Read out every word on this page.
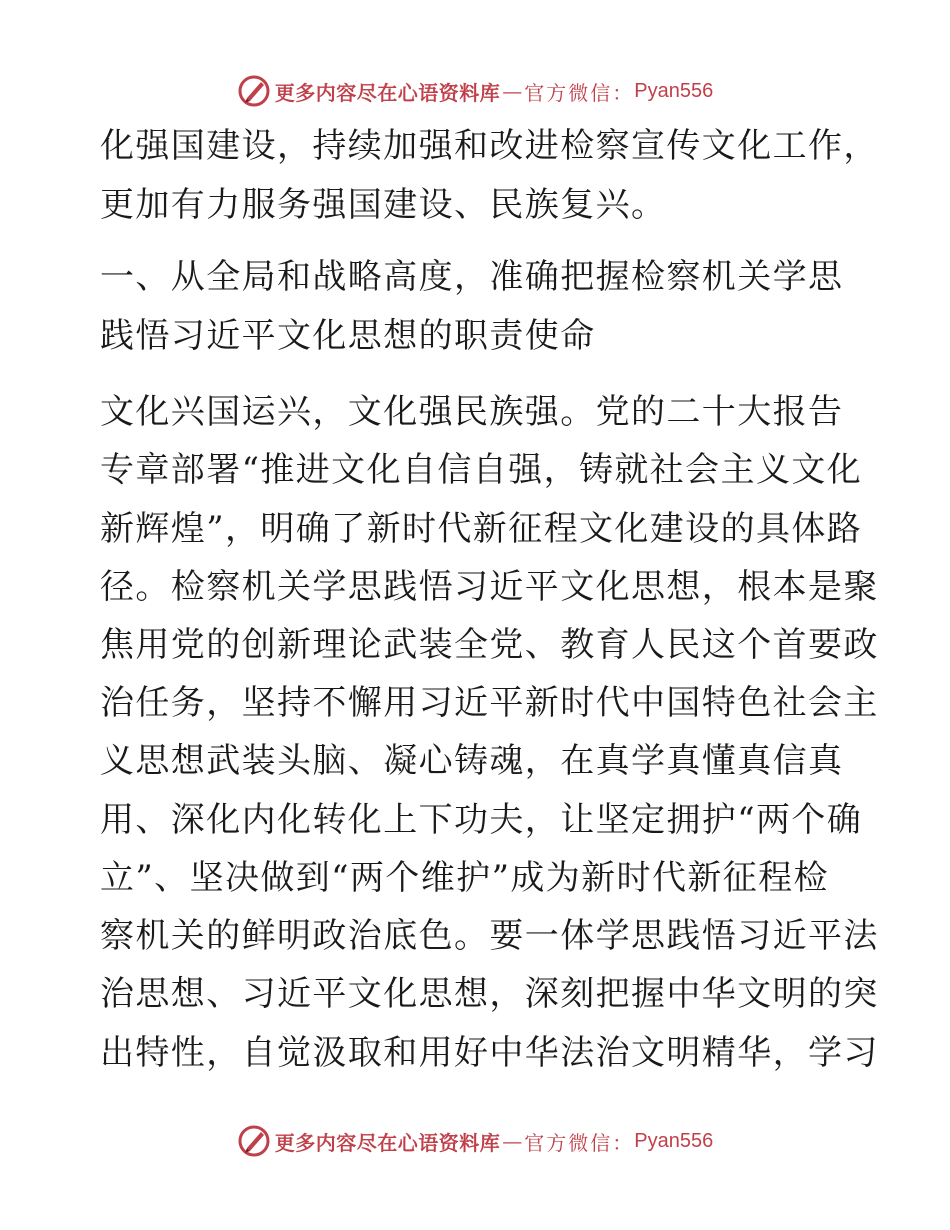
更多内容尽在心语资料库 — 官方微信： Pyan556
化强国建设，持续加强和改进检察宣传文化工作，
更加有力服务强国建设、民族复兴。
一、从全局和战略高度，准确把握检察机关学思
践悟习近平文化思想的职责使命
文化兴国运兴，文化强民族强。党的二十大报告
专章部署“推进文化自信自强，铸就社会主义文化
新辉煌”，明确了新时代新征程文化建设的具体路
径。检察机关学思践悟习近平文化思想，根本是聚
焦用党的创新理论武装全党、教育人民这个首要政
治任务，坚持不懈用习近平新时代中国特色社会主
义思想武装头脑、凝心铸魂，在真学真懂真信真
用、深化内化转化上下功夫，让坚定拥护“两个确
立”、坚决做到“两个维护”成为新时代新征程检
察机关的鲜明政治底色。要一体学思践悟习近平法
治思想、习近平文化思想，深刻把握中华文明的突
出特性，自觉汲取和用好中华法治文明精华，学习
更多内容尽在心语资料库 — 官方微信： Pyan556
